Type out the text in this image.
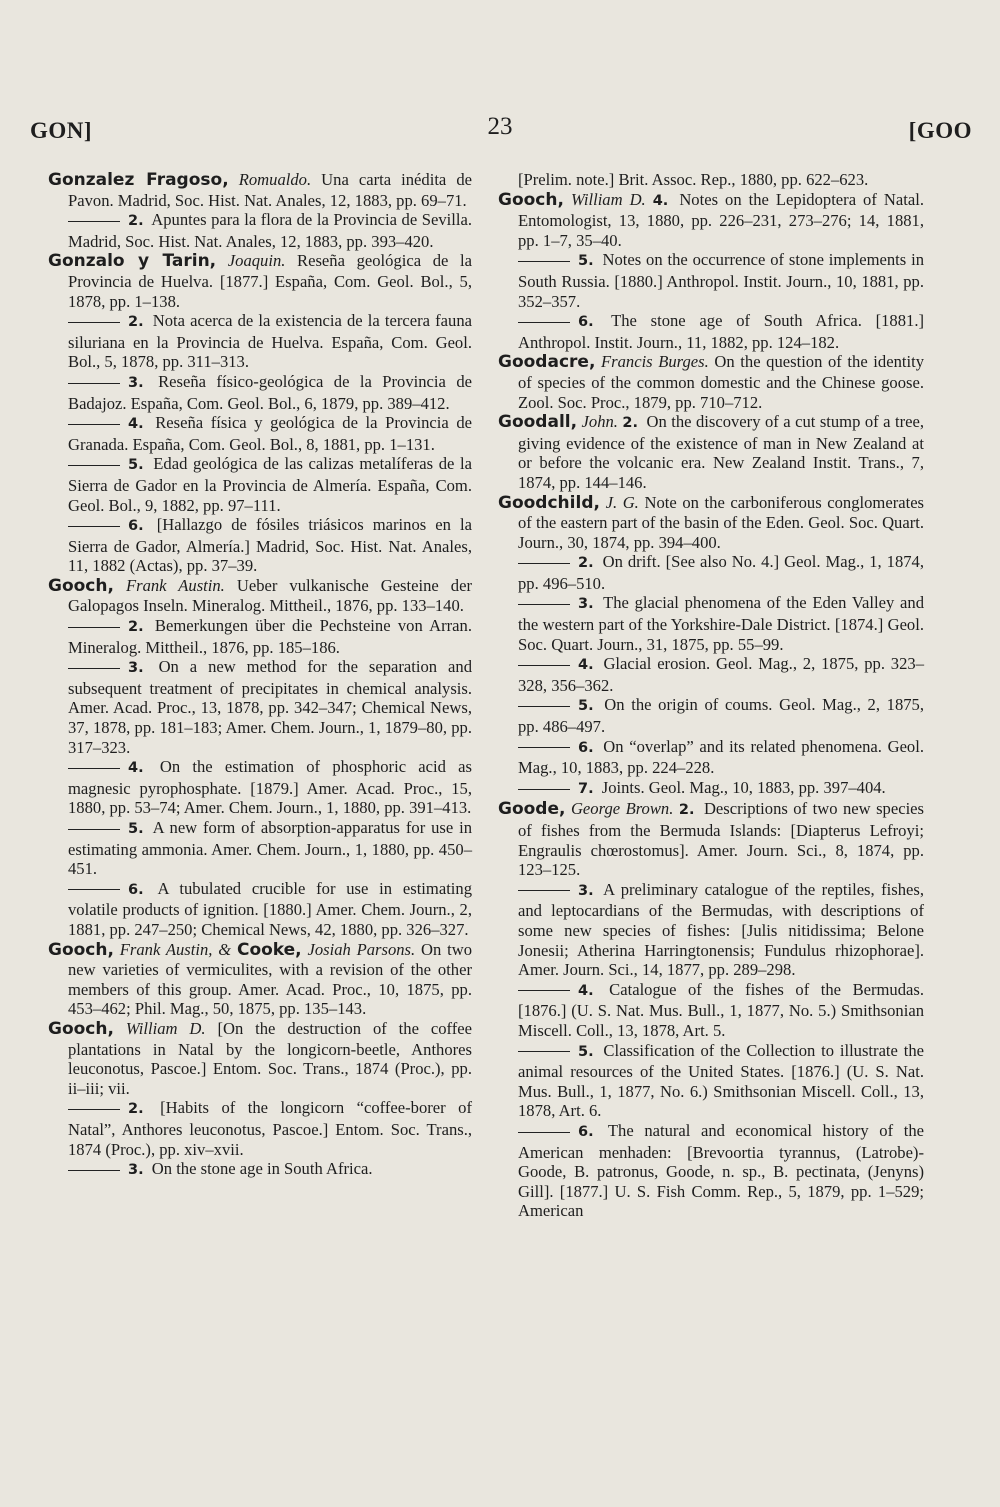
GON]	23	[GOO
Gonzalez Fragoso, Romualdo. Una carta inédita de Pavon. Madrid, Soc. Hist. Nat. Anales, 12, 1883, pp. 69–71.
2. Apuntes para la flora de la Provincia de Sevilla. Madrid, Soc. Hist. Nat. Anales, 12, 1883, pp. 393–420.
Gonzalo y Tarin, Joaquin. Reseña geológica de la Provincia de Huelva. [1877.] España, Com. Geol. Bol., 5, 1878, pp. 1–138.
2. Nota acerca de la existencia de la tercera fauna siluriana en la Provincia de Huelva. España, Com. Geol. Bol., 5, 1878, pp. 311–313.
3. Reseña físico-geológica de la Provincia de Badajoz. España, Com. Geol. Bol., 6, 1879, pp. 389–412.
4. Reseña física y geológica de la Provincia de Granada. España, Com. Geol. Bol., 8, 1881, pp. 1–131.
5. Edad geológica de las calizas metalíferas de la Sierra de Gador en la Provincia de Almería. España, Com. Geol. Bol., 9, 1882, pp. 97–111.
6. [Hallazgo de fósiles triásicos marinos en la Sierra de Gador, Almería.] Madrid, Soc. Hist. Nat. Anales, 11, 1882 (Actas), pp. 37–39.
Gooch, Frank Austin. Ueber vulkanische Gesteine der Galopagos Inseln. Mineralog. Mittheil., 1876, pp. 133–140.
2. Bemerkungen über die Pechsteine von Arran. Mineralog. Mittheil., 1876, pp. 185–186.
3. On a new method for the separation and subsequent treatment of precipitates in chemical analysis. Amer. Acad. Proc., 13, 1878, pp. 342–347; Chemical News, 37, 1878, pp. 181–183; Amer. Chem. Journ., 1, 1879–80, pp. 317–323.
4. On the estimation of phosphoric acid as magnesic pyrophosphate. [1879.] Amer. Acad. Proc., 15, 1880, pp. 53–74; Amer. Chem. Journ., 1, 1880, pp. 391–413.
5. A new form of absorption-apparatus for use in estimating ammonia. Amer. Chem. Journ., 1, 1880, pp. 450–451.
6. A tubulated crucible for use in estimating volatile products of ignition. [1880.] Amer. Chem. Journ., 2, 1881, pp. 247–250; Chemical News, 42, 1880, pp. 326–327.
Gooch, Frank Austin, & Cooke, Josiah Parsons. On two new varieties of vermiculites, with a revision of the other members of this group. Amer. Acad. Proc., 10, 1875, pp. 453–462; Phil. Mag., 50, 1875, pp. 135–143.
Gooch, William D. [On the destruction of the coffee plantations in Natal by the longicorn-beetle, Anthores leuconotus, Pascoe.] Entom. Soc. Trans., 1874 (Proc.), pp. ii–iii; vii.
2. [Habits of the longicorn “coffee-borer of Natal”, Anthores leuconotus, Pascoe.] Entom. Soc. Trans., 1874 (Proc.), pp. xiv–xvii.
3. On the stone age in South Africa.
[Prelim. note.] Brit. Assoc. Rep., 1880, pp. 622–623.
Gooch, William D. 4. Notes on the Lepidoptera of Natal. Entomologist, 13, 1880, pp. 226–231, 273–276; 14, 1881, pp. 1–7, 35–40.
5. Notes on the occurrence of stone implements in South Russia. [1880.] Anthropol. Instit. Journ., 10, 1881, pp. 352–357.
6. The stone age of South Africa. [1881.] Anthropol. Instit. Journ., 11, 1882, pp. 124–182.
Goodacre, Francis Burges. On the question of the identity of species of the common domestic and the Chinese goose. Zool. Soc. Proc., 1879, pp. 710–712.
Goodall, John. 2. On the discovery of a cut stump of a tree, giving evidence of the existence of man in New Zealand at or before the volcanic era. New Zealand Instit. Trans., 7, 1874, pp. 144–146.
Goodchild, J. G. Note on the carboniferous conglomerates of the eastern part of the basin of the Eden. Geol. Soc. Quart. Journ., 30, 1874, pp. 394–400.
2. On drift. [See also No. 4.] Geol. Mag., 1, 1874, pp. 496–510.
3. The glacial phenomena of the Eden Valley and the western part of the Yorkshire-Dale District. [1874.] Geol. Soc. Quart. Journ., 31, 1875, pp. 55–99.
4. Glacial erosion. Geol. Mag., 2, 1875, pp. 323–328, 356–362.
5. On the origin of coums. Geol. Mag., 2, 1875, pp. 486–497.
6. On “overlap” and its related phenomena. Geol. Mag., 10, 1883, pp. 224–228.
7. Joints. Geol. Mag., 10, 1883, pp. 397–404.
Goode, George Brown. 2. Descriptions of two new species of fishes from the Bermuda Islands: [Diapterus Lefroyi; Engraulis chœrostomus]. Amer. Journ. Sci., 8, 1874, pp. 123–125.
3. A preliminary catalogue of the reptiles, fishes, and leptocardians of the Bermudas, with descriptions of some new species of fishes: [Julis nitidissima; Belone Jonesii; Atherina Harringtonensis; Fundulus rhizophorae]. Amer. Journ. Sci., 14, 1877, pp. 289–298.
4. Catalogue of the fishes of the Bermudas. [1876.] (U. S. Nat. Mus. Bull., 1, 1877, No. 5.) Smithsonian Miscell. Coll., 13, 1878, Art. 5.
5. Classification of the Collection to illustrate the animal resources of the United States. [1876.] (U. S. Nat. Mus. Bull., 1, 1877, No. 6.) Smithsonian Miscell. Coll., 13, 1878, Art. 6.
6. The natural and economical history of the American menhaden: [Brevoortia tyrannus, (Latrobe)-Goode, B. patronus, Goode, n. sp., B. pectinata, (Jenyns) Gill]. [1877.] U. S. Fish Comm. Rep., 5, 1879, pp. 1–529; American
